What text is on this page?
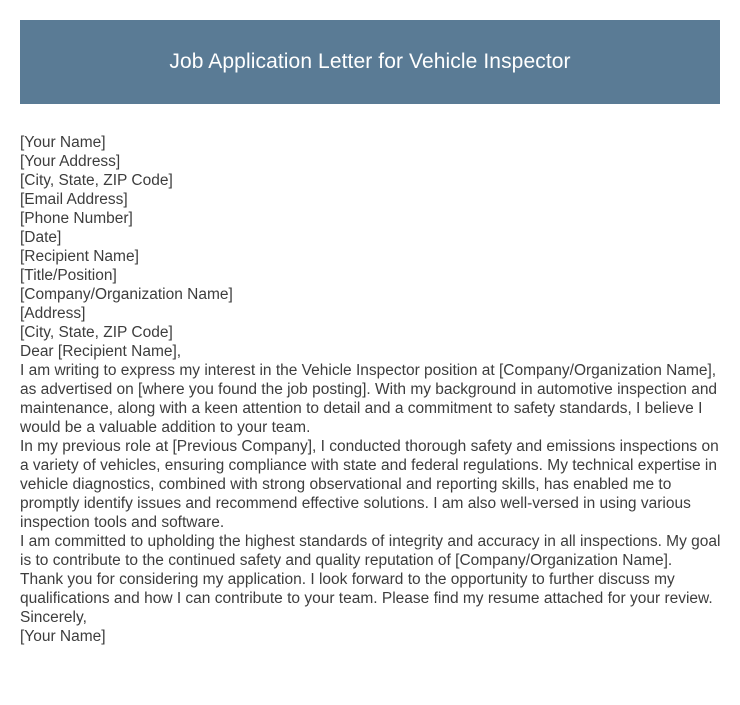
Job Application Letter for Vehicle Inspector

[Your Name]

[Your Address]

[City, State, ZIP Code]

[Email Address]

[Phone Number]

[Date]

[Recipient Name]

[Title/Position]

[Company/Organization Name]

[Address]

[City, State, ZIP Code]

Dear [Recipient Name],

I am writing to express my interest in the Vehicle Inspector position at [Company/Organization Name], as advertised on [where you found the job posting]. With my background in automotive inspection and maintenance, along with a keen attention to detail and a commitment to safety standards, I believe I would be a valuable addition to your team.

In my previous role at [Previous Company], I conducted thorough safety and emissions inspections on a variety of vehicles, ensuring compliance with state and federal regulations. My technical expertise in vehicle diagnostics, combined with strong observational and reporting skills, has enabled me to promptly identify issues and recommend effective solutions. I am also well-versed in using various inspection tools and software.

I am committed to upholding the highest standards of integrity and accuracy in all inspections. My goal is to contribute to the continued safety and quality reputation of [Company/Organization Name].

Thank you for considering my application. I look forward to the opportunity to further discuss my qualifications and how I can contribute to your team. Please find my resume attached for your review.

Sincerely,

[Your Name]
